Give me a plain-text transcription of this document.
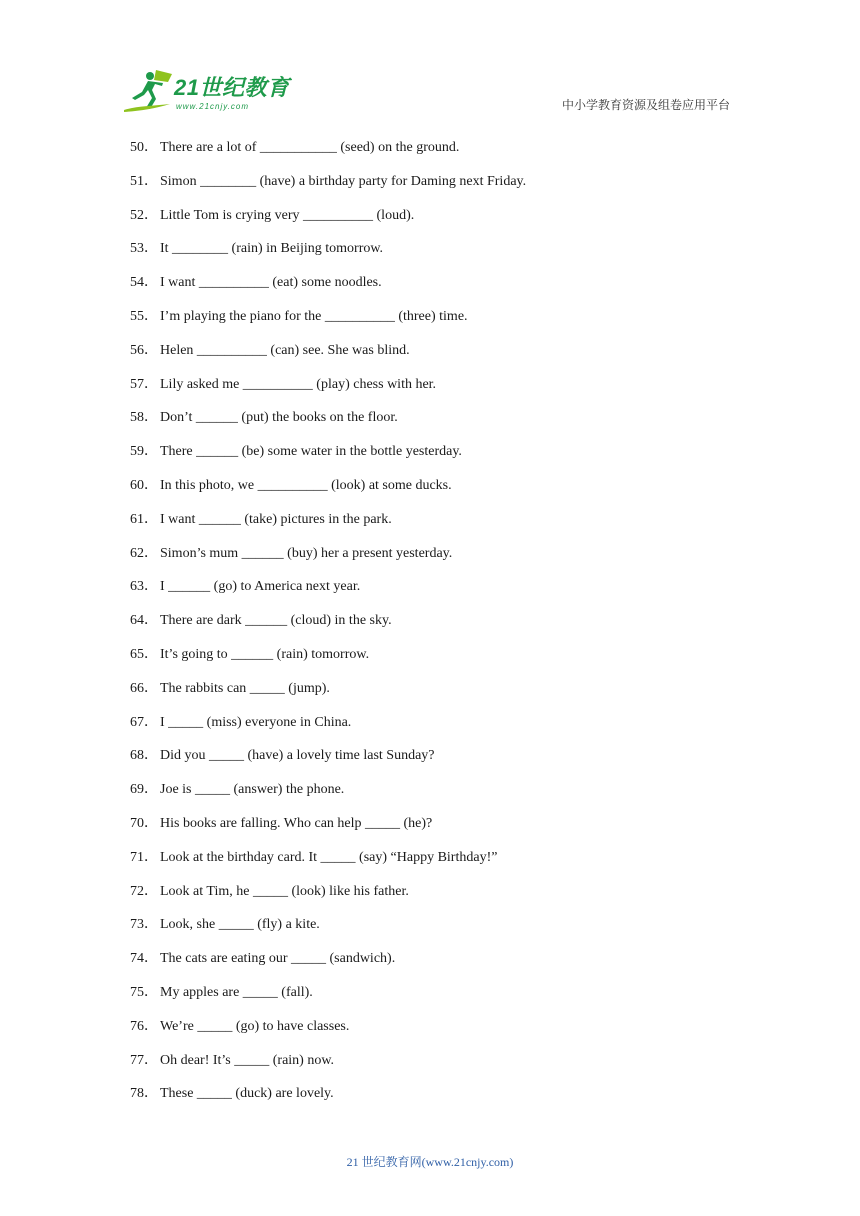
21世纪教育
www.21cnjy.com	中小学教育资源及组卷应用平台
50． There are a lot of ___________ (seed) on the ground.
51． Simon ________ (have) a birthday party for Daming next Friday.
52． Little Tom is crying very __________ (loud).
53． It ________ (rain) in Beijing tomorrow.
54． I want __________ (eat) some noodles.
55． I’m playing the piano for the __________ (three) time.
56． Helen __________ (can) see. She was blind.
57． Lily asked me __________ (play) chess with her.
58． Don’t ______ (put) the books on the floor.
59． There ______ (be) some water in the bottle yesterday.
60． In this photo, we __________ (look) at some ducks.
61． I want ______ (take) pictures in the park.
62． Simon’s mum ______ (buy) her a present yesterday.
63． I ______ (go) to America next year.
64． There are dark ______ (cloud) in the sky.
65． It’s going to ______ (rain) tomorrow.
66． The rabbits can _____ (jump).
67． I _____ (miss) everyone in China.
68． Did you _____ (have) a lovely time last Sunday?
69． Joe is _____ (answer) the phone.
70． His books are falling. Who can help _____ (he)?
71． Look at the birthday card. It _____ (say) “Happy Birthday!”
72． Look at Tim, he _____ (look) like his father.
73． Look, she _____ (fly) a kite.
74． The cats are eating our _____ (sandwich).
75． My apples are _____ (fall).
76． We’re _____ (go) to have classes.
77． Oh dear! It’s _____ (rain) now.
78． These _____ (duck) are lovely.
21 世纪教育网(www.21cnjy.com)
